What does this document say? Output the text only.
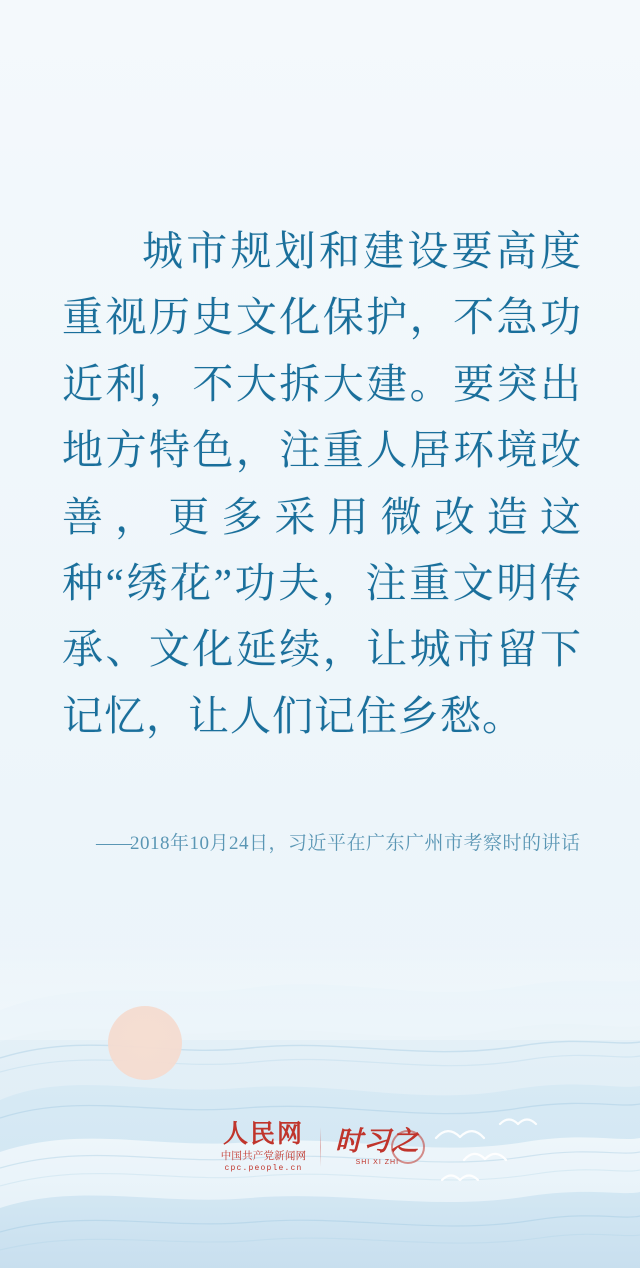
城市规划和建设要高度重视历史文化保护，不急功近利，不大拆大建。要突出地方特色，注重人居环境改善，更多采用微改造这种“绣花”功夫，注重文明传承、文化延续，让城市留下记忆，让人们记住乡愁。
——2018年10月24日，习近平在广东广州市考察时的讲话
人民网
中国共产党新闻网
cpc.people.cn
时习之
SHI XI ZHI
